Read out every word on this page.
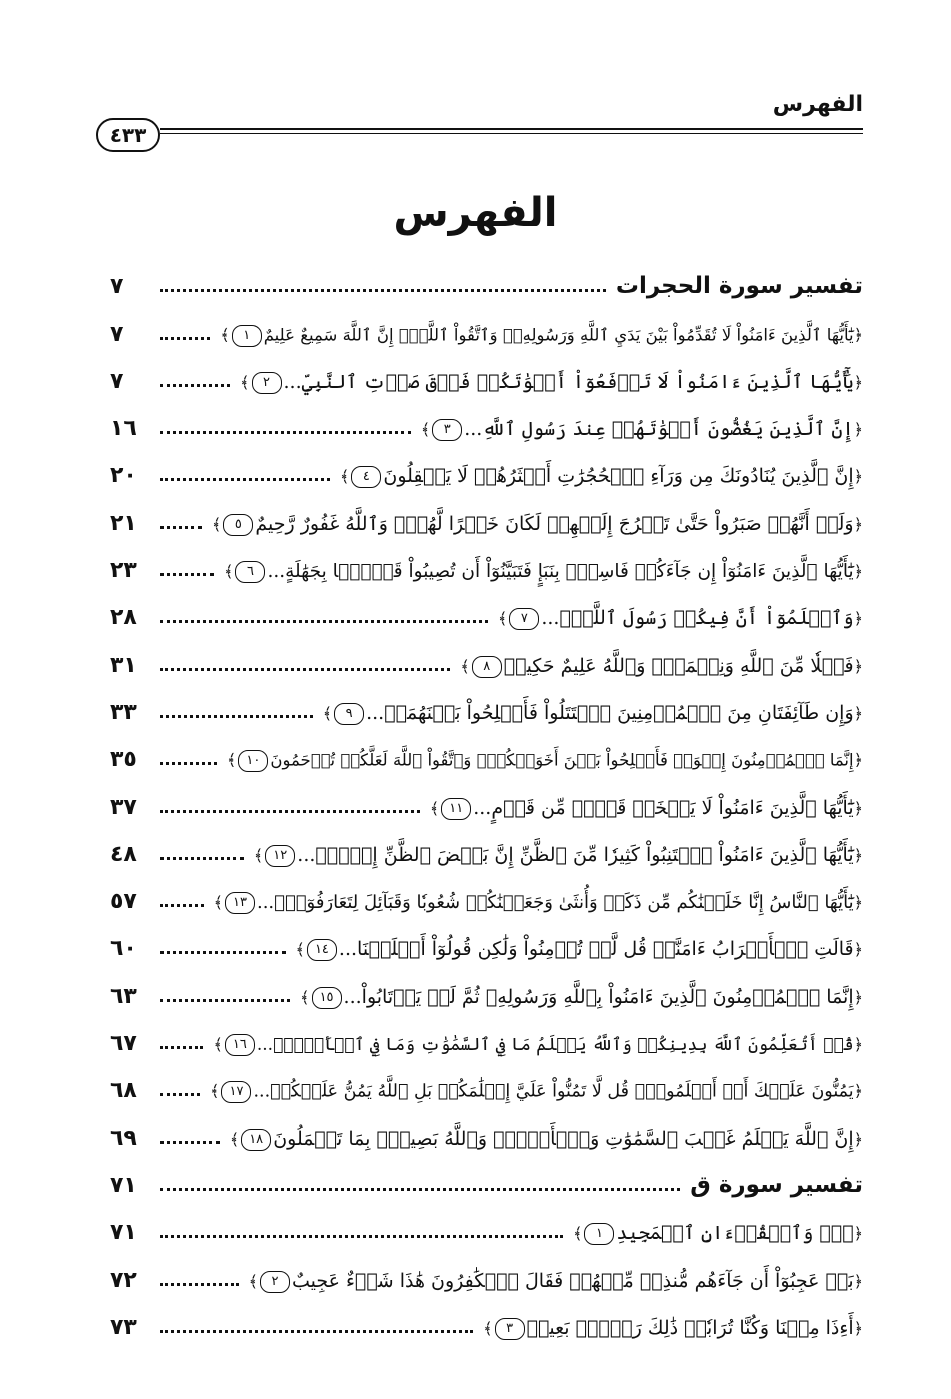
الفهرس
٤٣٣
الفهرس
تفسير سورة الحجرات
٧
﴿يَٰٓأَيُّهَا ٱلَّذِينَ ءَامَنُواْ لَا تُقَدِّمُواْ بَيْنَ يَدَيِ ٱللَّهِ وَرَسُولِهِۦۖ وَٱتَّقُواْ ٱللَّهَۚ إِنَّ ٱللَّهَ سَمِيعٌ عَلِيمٌ١﴾
٧
﴿يَٰٓأَيُّهَا ٱلَّذِينَ ءَامَنُواْ لَا تَرۡفَعُوٓاْ أَصۡوَٰتَكُمۡ فَوۡقَ صَوۡتِ ٱلنَّبِيِّ...٢﴾
٧
﴿إِنَّ ٱلَّذِينَ يَغُضُّونَ أَصۡوَٰتَهُمۡ عِندَ رَسُولِ ٱللَّهِ...٣﴾
١٦
﴿إِنَّ ٱلَّذِينَ يُنَادُونَكَ مِن وَرَآءِ ٱلۡحُجُرَٰتِ أَكۡثَرُهُمۡ لَا يَعۡقِلُونَ٤﴾
٢٠
﴿وَلَوۡ أَنَّهُمۡ صَبَرُواْ حَتَّىٰ تَخۡرُجَ إِلَيۡهِمۡ لَكَانَ خَيۡرًا لَّهُمۡۚ وَٱللَّهُ غَفُورٌ رَّحِيمٌ٥﴾
٢١
﴿يَٰٓأَيُّهَا ٱلَّذِينَ ءَامَنُوٓاْ إِن جَآءَكُمۡ فَاسِقُۢ بِنَبَإٍ فَتَبَيَّنُوٓاْ أَن تُصِيبُواْ قَوۡمَۢا بِجَهَٰلَةٍ...٦﴾
٢٣
﴿وَٱعۡلَمُوٓاْ أَنَّ فِيكُمۡ رَسُولَ ٱللَّهِۚ...٧﴾
٢٨
﴿فَضۡلٗا مِّنَ ٱللَّهِ وَنِعۡمَةٗۚ وَٱللَّهُ عَلِيمٌ حَكِيمٞ٨﴾
٣١
﴿وَإِن طَآئِفَتَانِ مِنَ ٱلۡمُؤۡمِنِينَ ٱقۡتَتَلُواْ فَأَصۡلِحُواْ بَيۡنَهُمَاۖ...٩﴾
٣٣
﴿إِنَّمَا ٱلۡمُؤۡمِنُونَ إِخۡوَةٞ فَأَصۡلِحُواْ بَيۡنَ أَخَوَيۡكُمۡۚ وَٱتَّقُواْ ٱللَّهَ لَعَلَّكُمۡ تُرۡحَمُونَ١٠﴾
٣٥
﴿يَٰٓأَيُّهَا ٱلَّذِينَ ءَامَنُواْ لَا يَسۡخَرۡ قَوۡمٞ مِّن قَوۡمٍ...١١﴾
٣٧
﴿يَٰٓأَيُّهَا ٱلَّذِينَ ءَامَنُواْ ٱجۡتَنِبُواْ كَثِيرٗا مِّنَ ٱلظَّنِّ إِنَّ بَعۡضَ ٱلظَّنِّ إِثۡمٞۖ...١٢﴾
٤٨
﴿يَٰٓأَيُّهَا ٱلنَّاسُ إِنَّا خَلَقۡنَٰكُم مِّن ذَكَرٖ وَأُنثَىٰ وَجَعَلۡنَٰكُمۡ شُعُوبٗا وَقَبَآئِلَ لِتَعَارَفُوٓاْۚ...١٣﴾
٥٧
﴿قَالَتِ ٱلۡأَعۡرَابُ ءَامَنَّاۖ قُل لَّمۡ تُؤۡمِنُواْ وَلَٰكِن قُولُوٓاْ أَسۡلَمۡنَا...١٤﴾
٦٠
﴿إِنَّمَا ٱلۡمُؤۡمِنُونَ ٱلَّذِينَ ءَامَنُواْ بِٱللَّهِ وَرَسُولِهِۦ ثُمَّ لَمۡ يَرۡتَابُواْ...١٥﴾
٦٣
﴿قُلۡ أَتُعَلِّمُونَ ٱللَّهَ بِدِينِكُمۡ وَٱللَّهُ يَعۡلَمُ مَا فِي ٱلسَّمَٰوَٰتِ وَمَا فِي ٱلۡأَرۡضِۚ...١٦﴾
٦٧
﴿يَمُنُّونَ عَلَيۡكَ أَنۡ أَسۡلَمُواْۖ قُل لَّا تَمُنُّواْ عَلَيَّ إِسۡلَٰمَكُمۖ بَلِ ٱللَّهُ يَمُنُّ عَلَيۡكُمۡ...١٧﴾
٦٨
﴿إِنَّ ٱللَّهَ يَعۡلَمُ غَيۡبَ ٱلسَّمَٰوَٰتِ وَٱلۡأَرۡضِۚ وَٱللَّهُ بَصِيرُۢ بِمَا تَعۡمَلُونَ١٨﴾
٦٩
تفسير سورة ق
٧١
﴿قٓۚ وَٱلۡقُرۡءَانِ ٱلۡمَجِيدِ١﴾
٧١
﴿بَلۡ عَجِبُوٓاْ أَن جَآءَهُم مُّنذِرٞ مِّنۡهُمۡ فَقَالَ ٱلۡكَٰفِرُونَ هَٰذَا شَيۡءٌ عَجِيبٌ٢﴾
٧٢
﴿أَءِذَا مِتۡنَا وَكُنَّا تُرَابٗاۖ ذَٰلِكَ رَجۡعُۢ بَعِيدٞ٣﴾
٧٣
